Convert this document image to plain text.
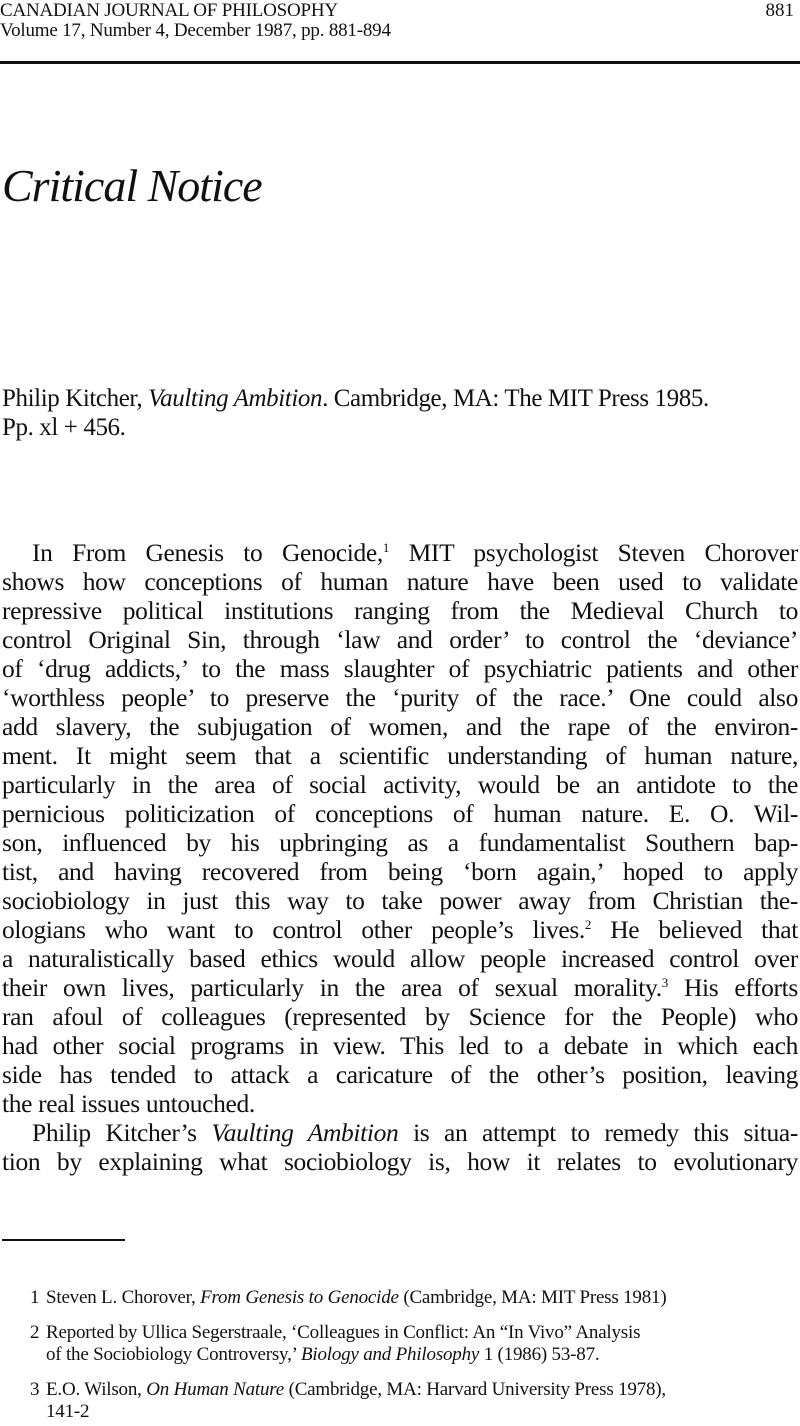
CANADIAN JOURNAL OF PHILOSOPHY	881
Volume 17, Number 4, December 1987, pp. 881-894
Critical Notice
Philip Kitcher, Vaulting Ambition. Cambridge, MA: The MIT Press 1985.
Pp. xl + 456.
In From Genesis to Genocide,$^1$ MIT psychologist Steven Chorover
shows how conceptions of human nature have been used to validate
repressive political institutions ranging from the Medieval Church to
control Original Sin, through ‘law and order’ to control the ‘deviance’
of ‘drug addicts,’ to the mass slaughter of psychiatric patients and other
‘worthless people’ to preserve the ‘purity of the race.’ One could also
add slavery, the subjugation of women, and the rape of the environ-
ment. It might seem that a scientific understanding of human nature,
particularly in the area of social activity, would be an antidote to the
pernicious politicization of conceptions of human nature. E. O. Wil-
son, influenced by his upbringing as a fundamentalist Southern bap-
tist, and having recovered from being ‘born again,’ hoped to apply
sociobiology in just this way to take power away from Christian the-
ologians who want to control other people’s lives.$^2$ He believed that
a naturalistically based ethics would allow people increased control over
their own lives, particularly in the area of sexual morality.$^3$ His efforts
ran afoul of colleagues (represented by Science for the People) who
had other social programs in view. This led to a debate in which each
side has tended to attack a caricature of the other’s position, leaving
the real issues untouched.
Philip Kitcher’s Vaulting Ambition is an attempt to remedy this situa-
tion by explaining what sociobiology is, how it relates to evolutionary
1 Steven L. Chorover, From Genesis to Genocide (Cambridge, MA: MIT Press 1981)
2 Reported by Ullica Segerstraale, ‘Colleagues in Conflict: An “In Vivo” Analysis
of the Sociobiology Controversy,’ Biology and Philosophy 1 (1986) 53-87.
3 E.O. Wilson, On Human Nature (Cambridge, MA: Harvard University Press 1978),
141-2
